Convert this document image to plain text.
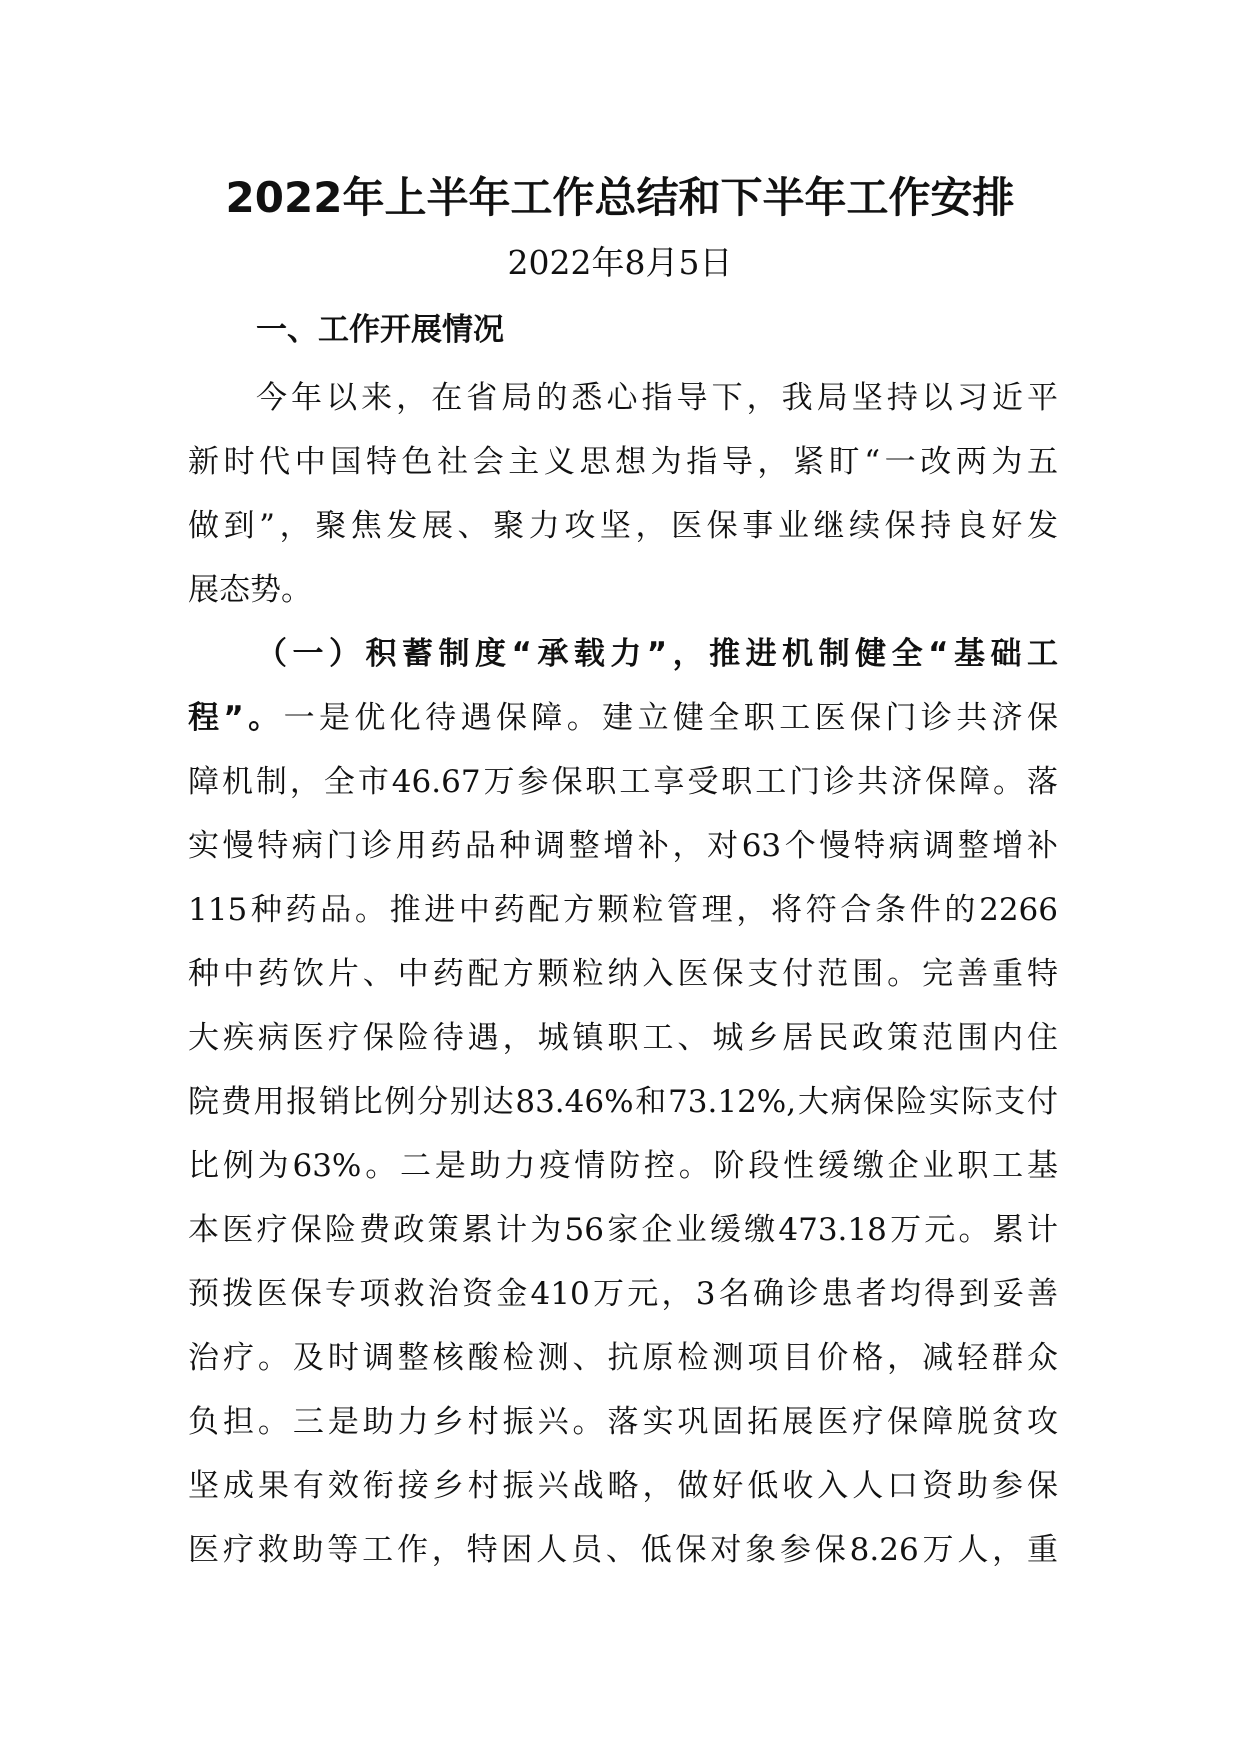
2022年上半年工作总结和下半年工作安排
2022年8月5日
一、工作开展情况
今年以来，在省局的悉心指导下，我局坚持以习近平
新时代中国特色社会主义思想为指导，紧盯“一改两为五
做到”，聚焦发展、聚力攻坚，医保事业继续保持良好发
展态势。
（一）积蓄制度“承载力”，推进机制健全“基础工
程”。一是优化待遇保障。建立健全职工医保门诊共济保
障机制，全市46.67万参保职工享受职工门诊共济保障。落
实慢特病门诊用药品种调整增补，对63个慢特病调整增补
115种药品。推进中药配方颗粒管理，将符合条件的2266
种中药饮片、中药配方颗粒纳入医保支付范围。完善重特
大疾病医疗保险待遇，城镇职工、城乡居民政策范围内住
院费用报销比例分别达83.46%和73.12%,大病保险实际支付
比例为63%。二是助力疫情防控。阶段性缓缴企业职工基
本医疗保险费政策累计为56家企业缓缴473.18万元。累计
预拨医保专项救治资金410万元，3名确诊患者均得到妥善
治疗。及时调整核酸检测、抗原检测项目价格，减轻群众
负担。三是助力乡村振兴。落实巩固拓展医疗保障脱贫攻
坚成果有效衔接乡村振兴战略，做好低收入人口资助参保
医疗救助等工作，特困人员、低保对象参保8.26万人，重
